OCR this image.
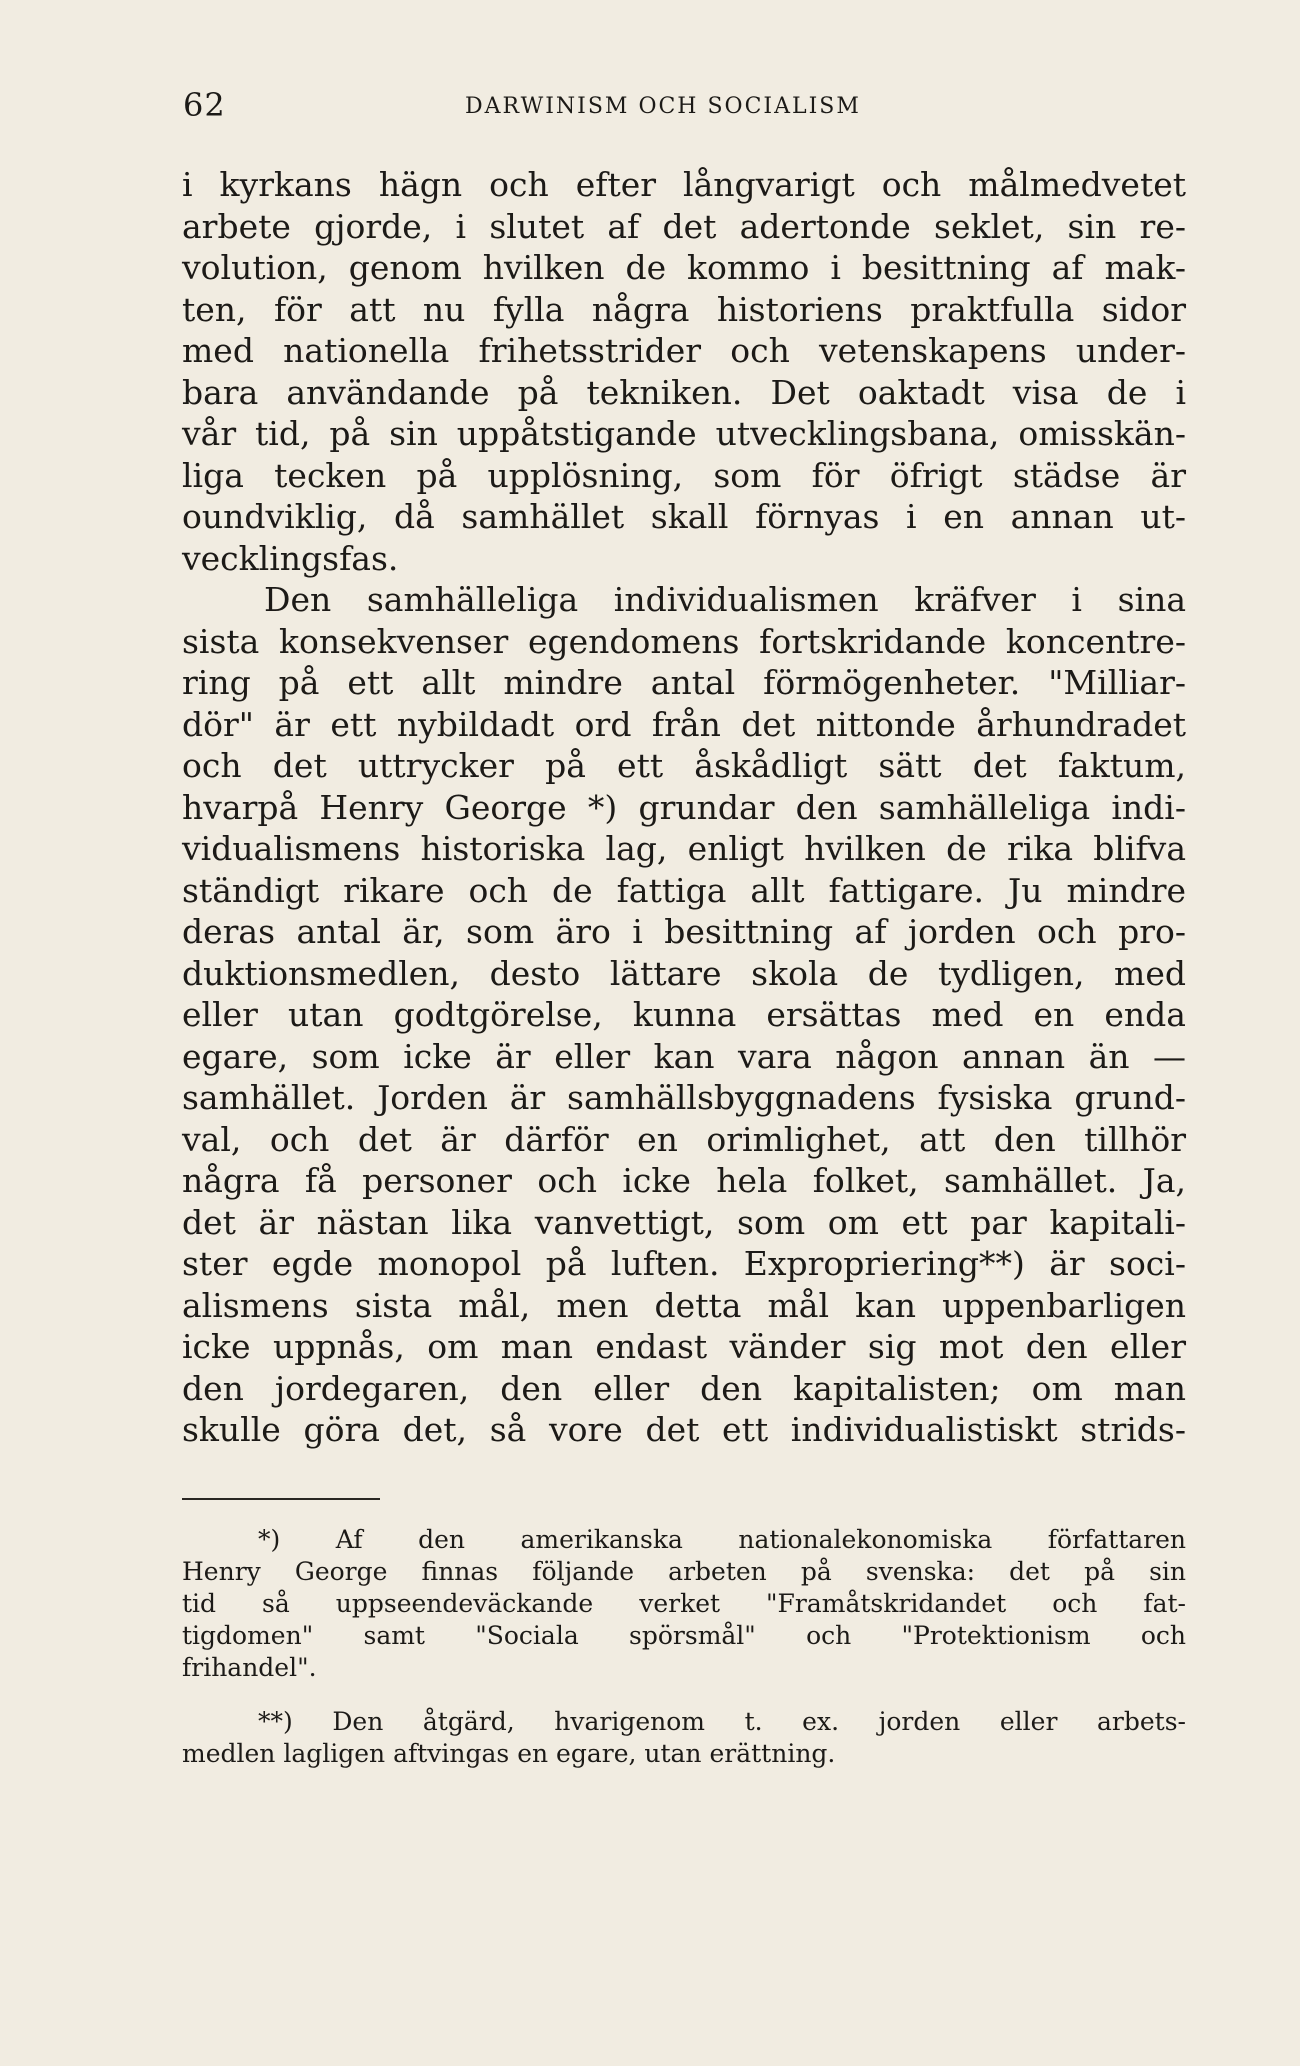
62	DARWINISM OCH SOCIALISM
i kyrkans hägn och efter långvarigt och målmedvetet
arbete gjorde, i slutet af det adertonde seklet, sin re-
volution, genom hvilken de kommo i besittning af mak-
ten, för att nu fylla några historiens praktfulla sidor
med nationella frihetsstrider och vetenskapens under-
bara användande på tekniken. Det oaktadt visa de i
vår tid, på sin uppåtstigande utvecklingsbana, omisskän-
liga tecken på upplösning, som för öfrigt städse är
oundviklig, då samhället skall förnyas i en annan ut-
vecklingsfas.
Den samhälleliga individualismen kräfver i sina
sista konsekvenser egendomens fortskridande koncentre-
ring på ett allt mindre antal förmögenheter. "Milliar-
dör" är ett nybildadt ord från det nittonde århundradet
och det uttrycker på ett åskådligt sätt det faktum,
hvarpå Henry George *) grundar den samhälleliga indi-
vidualismens historiska lag, enligt hvilken de rika blifva
ständigt rikare och de fattiga allt fattigare. Ju mindre
deras antal är, som äro i besittning af jorden och pro-
duktionsmedlen, desto lättare skola de tydligen, med
eller utan godtgörelse, kunna ersättas med en enda
egare, som icke är eller kan vara någon annan än —
samhället. Jorden är samhällsbyggnadens fysiska grund-
val, och det är därför en orimlighet, att den tillhör
några få personer och icke hela folket, samhället. Ja,
det är nästan lika vanvettigt, som om ett par kapitali-
ster egde monopol på luften. Expropriering**) är soci-
alismens sista mål, men detta mål kan uppenbarligen
icke uppnås, om man endast vänder sig mot den eller
den jordegaren, den eller den kapitalisten; om man
skulle göra det, så vore det ett individualistiskt strids-
*) Af den amerikanska nationalekonomiska författaren
Henry George finnas följande arbeten på svenska: det på sin
tid så uppseendeväckande verket "Framåtskridandet och fat-
tigdomen" samt "Sociala spörsmål" och "Protektionism och
frihandel".
**) Den åtgärd, hvarigenom t. ex. jorden eller arbets-
medlen lagligen aftvingas en egare, utan erättning.
